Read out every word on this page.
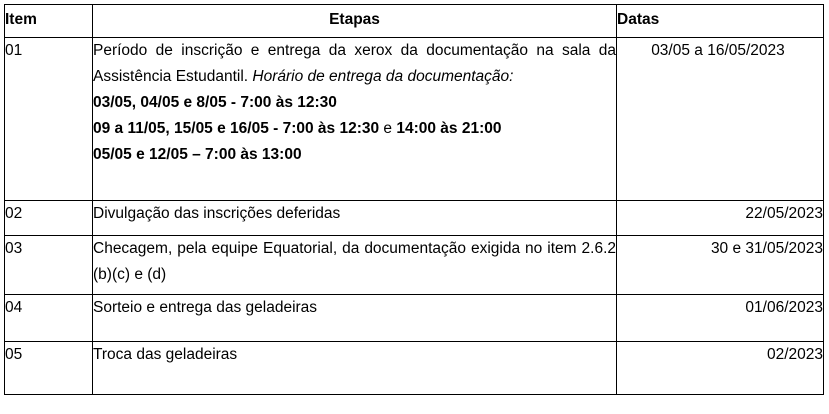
Item	Etapas	Datas
01	Período de inscrição e entrega da xerox da documentação na sala da Assistência Estudantil. Horário de entrega da documentação:
03/05, 04/05 e 8/05 - 7:00 às 12:30
09 a 11/05, 15/05 e 16/05 - 7:00 às 12:30 e 14:00 às 21:00
05/05 e 12/05 – 7:00 às 13:00	03/05 a 16/05/2023
02	Divulgação das inscrições deferidas	22/05/2023
03	Checagem, pela equipe Equatorial, da documentação exigida no item 2.6.2 (b)(c) e (d)	30 e 31/05/2023
04	Sorteio e entrega das geladeiras	01/06/2023
05	Troca das geladeiras	02/2023
